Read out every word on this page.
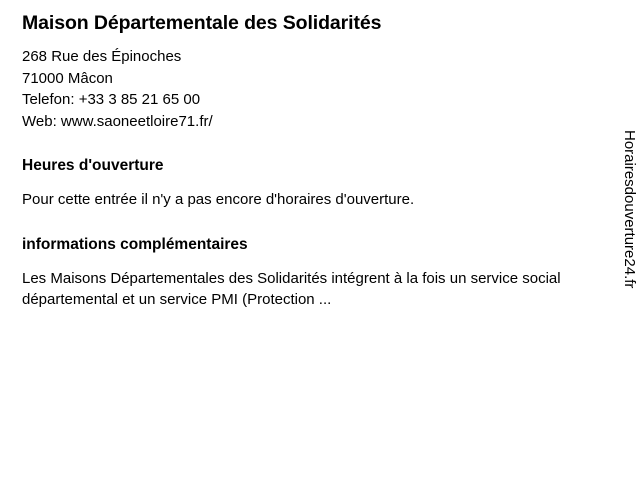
Maison Départementale des Solidarités

268 Rue des Épinoches

71000 Mâcon

Telefon: +33 3 85 21 65 00

Web: www.saoneetloire71.fr/

Heures d'ouverture

Pour cette entrée il n'y a pas encore d'horaires d'ouverture.

informations complémentaires

Les Maisons Départementales des Solidarités intégrent à la fois un service social départemental et un service PMI (Protection ...

Horairesdouverture24.fr
